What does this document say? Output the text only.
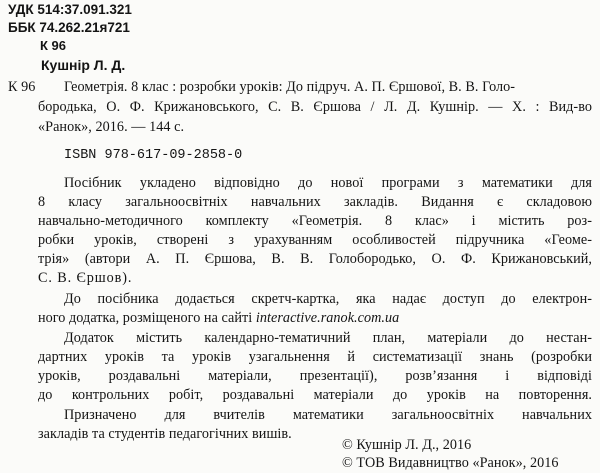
УДК 514:37.091.321
ББК 74.262.21я721
К 96
Кушнір Л. Д.
К 96 Геометрія. 8 клас : розробки уроків: До підруч. А. П. Єршової, В. В. Голо-
бородька, О. Ф. Крижановського, С. В. Єршова / Л. Д. Кушнір. — Х. : Вид-во
«Ранок», 2016. — 144 с.
ISBN 978-617-09-2858-0
Посібник укладено відповідно до нової програми з математики для
8 класу загальноосвітніх навчальних закладів. Видання є складовою
навчально-методичного комплекту «Геометрія. 8 клас» і містить роз-
робки уроків, створені з урахуванням особливостей підручника «Геоме-
трія» (автори А. П. Єршова, В. В. Голобородько, О. Ф. Крижановський,
С. В. Єршов).
До посібника додається скретч-картка, яка надає доступ до електрон-
ного додатка, розміщеного на сайті interactive.ranok.com.ua
Додаток містить календарно-тематичний план, матеріали до нестан-
дартних уроків та уроків узагальнення й систематизації знань (розробки
уроків, роздавальні матеріали, презентації), розв’язання і відповіді
до контрольних робіт, роздавальні матеріали до уроків на повторення.
Призначено для вчителів математики загальноосвітніх навчальних
закладів та студентів педагогічних вишів.
© Кушнір Л. Д., 2016
© ТОВ Видавництво «Ранок», 2016
